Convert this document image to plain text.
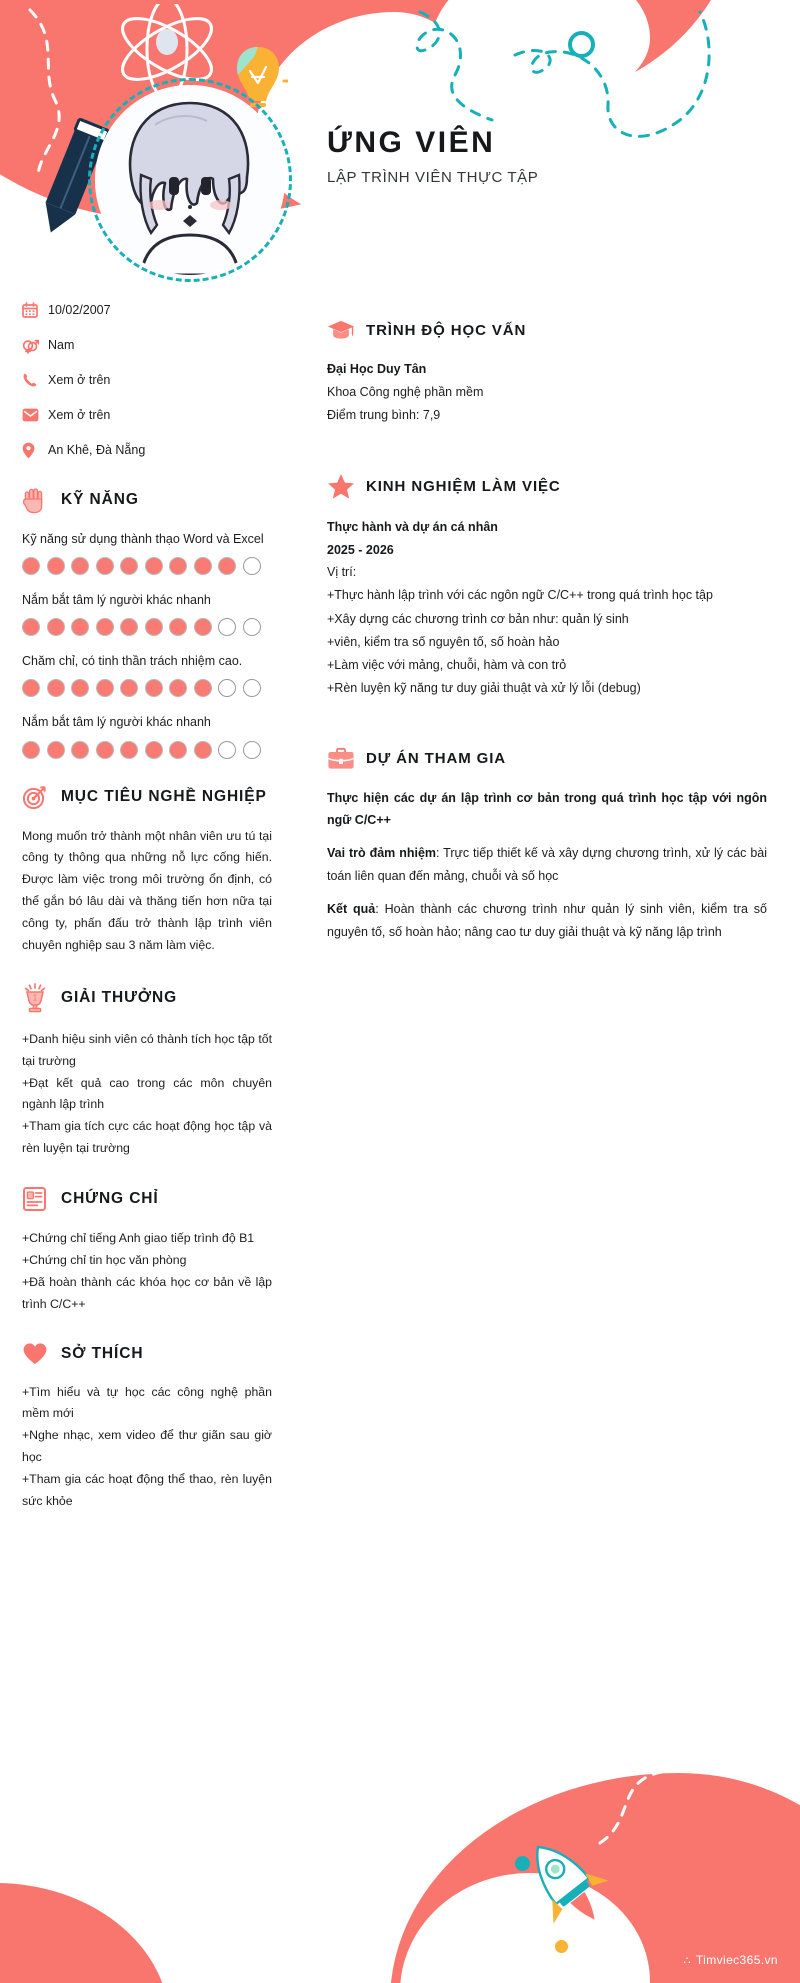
ỨNG VIÊN
LẬP TRÌNH VIÊN THỰC TẬP
10/02/2007
Nam
Xem ở trên
Xem ở trên
An Khê, Đà Nẵng
KỸ NĂNG

Kỹ năng sử dụng thành thạo Word và Excel

Nắm bắt tâm lý người khác nhanh

Chăm chỉ, có tinh thần trách nhiệm cao.

Nắm bắt tâm lý người khác nhanh

MỤC TIÊU NGHỀ NGHIỆP

Mong muốn trở thành một nhân viên ưu tú tại công ty thông qua những nỗ lực cống hiến. Được làm việc trong môi trường ổn định, có thể gắn bó lâu dài và thăng tiến hơn nữa tại công ty, phấn đấu trở thành lập trình viên chuyên nghiệp sau 3 năm làm việc.

1 GIẢI THƯỞNG

+Danh hiệu sinh viên có thành tích học tập tốt tại trường

+Đạt kết quả cao trong các môn chuyên ngành lập trình

+Tham gia tích cực các hoạt động học tập và rèn luyện tại trường

CHỨNG CHỈ

+Chứng chỉ tiếng Anh giao tiếp trình độ B1

+Chứng chỉ tin học văn phòng

+Đã hoàn thành các khóa học cơ bản về lập trình C/C++

SỞ THÍCH

+Tìm hiểu và tự học các công nghệ phần mềm mới

+Nghe nhạc, xem video để thư giãn sau giờ học

+Tham gia các hoạt động thể thao, rèn luyện sức khỏe

TRÌNH ĐỘ HỌC VẤN
Đại Học Duy Tân
Khoa Công nghệ phần mềm
Điểm trung bình: 7,9
KINH NGHIỆM LÀM VIỆC
Thực hành và dự án cá nhân
2025 - 2026
Vị trí:
+Thực hành lập trình với các ngôn ngữ C/C++ trong quá trình học tập
+Xây dựng các chương trình cơ bản như: quản lý sinh
+viên, kiểm tra số nguyên tố, số hoàn hảo
+Làm việc với mảng, chuỗi, hàm và con trỏ
+Rèn luyện kỹ năng tư duy giải thuật và xử lý lỗi (debug)
DỰ ÁN THAM GIA
Thực hiện các dự án lập trình cơ bản trong quá trình học tập với ngôn ngữ C/C++

Vai trò đảm nhiệm: Trực tiếp thiết kế và xây dựng chương trình, xử lý các bài toán liên quan đến mảng, chuỗi và số học

Kết quả: Hoàn thành các chương trình như quản lý sinh viên, kiểm tra số nguyên tố, số hoàn hảo; nâng cao tư duy giải thuật và kỹ năng lập trình

∴ Timviec365.vn
